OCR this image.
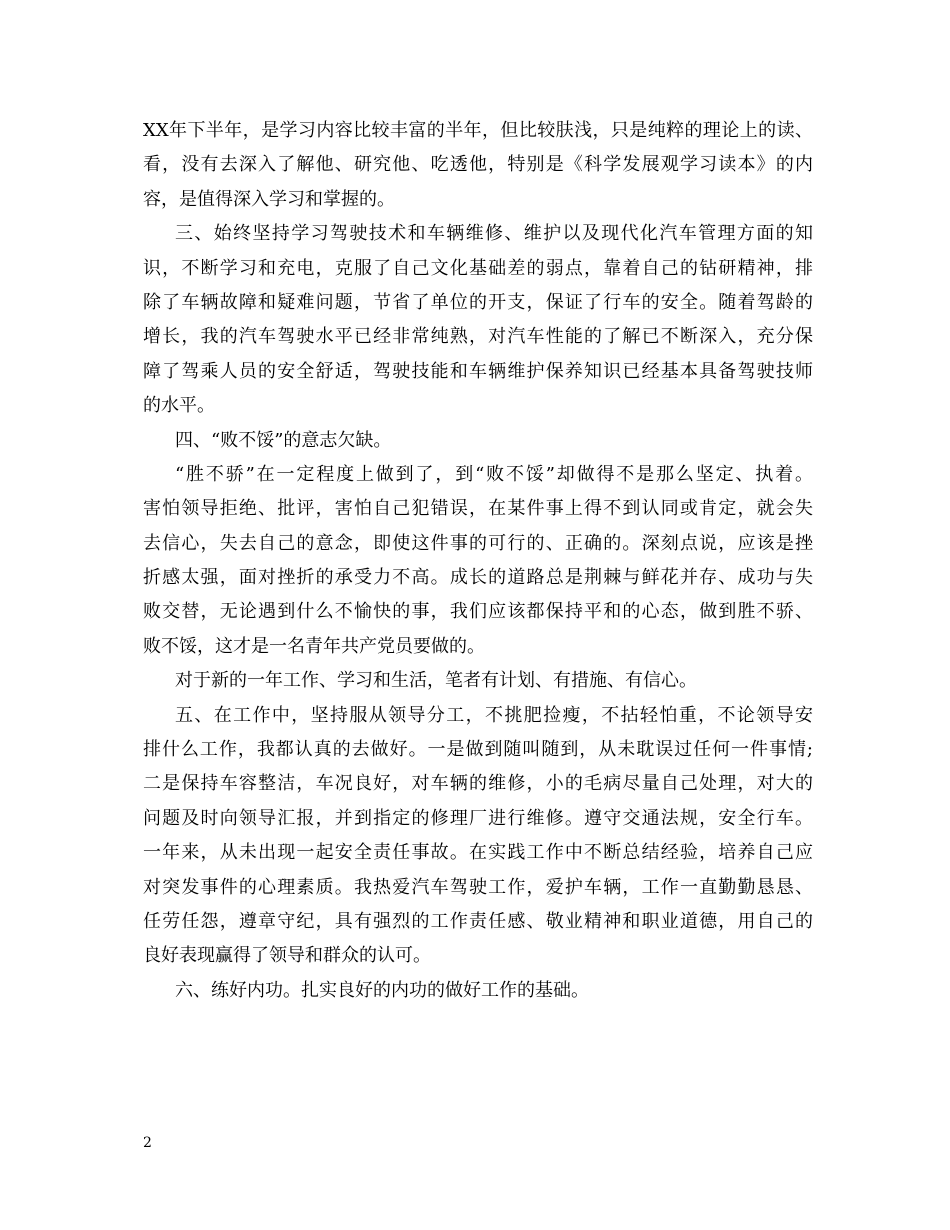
XX年下半年，是学习内容比较丰富的半年，但比较肤浅，只是纯粹的理论上的读、
看，没有去深入了解他、研究他、吃透他，特别是《科学发展观学习读本》的内
容，是值得深入学习和掌握的。
三、始终坚持学习驾驶技术和车辆维修、维护以及现代化汽车管理方面的知
识，不断学习和充电，克服了自己文化基础差的弱点，靠着自己的钻研精神，排
除了车辆故障和疑难问题，节省了单位的开支，保证了行车的安全。随着驾龄的
增长，我的汽车驾驶水平已经非常纯熟，对汽车性能的了解已不断深入，充分保
障了驾乘人员的安全舒适，驾驶技能和车辆维护保养知识已经基本具备驾驶技师
的水平。
四、“败不馁”的意志欠缺。
“胜不骄”在一定程度上做到了，到“败不馁”却做得不是那么坚定、执着。
害怕领导拒绝、批评，害怕自己犯错误，在某件事上得不到认同或肯定，就会失
去信心，失去自己的意念，即使这件事的可行的、正确的。深刻点说，应该是挫
折感太强，面对挫折的承受力不高。成长的道路总是荆棘与鲜花并存、成功与失
败交替，无论遇到什么不愉快的事，我们应该都保持平和的心态，做到胜不骄、
败不馁，这才是一名青年共产党员要做的。
对于新的一年工作、学习和生活，笔者有计划、有措施、有信心。
五、在工作中，坚持服从领导分工，不挑肥捡瘦，不拈轻怕重，不论领导安
排什么工作，我都认真的去做好。一是做到随叫随到，从未耽误过任何一件事情;
二是保持车容整洁，车况良好，对车辆的维修，小的毛病尽量自己处理，对大的
问题及时向领导汇报，并到指定的修理厂进行维修。遵守交通法规，安全行车。
一年来，从未出现一起安全责任事故。在实践工作中不断总结经验，培养自己应
对突发事件的心理素质。我热爱汽车驾驶工作，爱护车辆，工作一直勤勤恳恳、
任劳任怨，遵章守纪，具有强烈的工作责任感、敬业精神和职业道德，用自己的
良好表现赢得了领导和群众的认可。
六、练好内功。扎实良好的内功的做好工作的基础。
2
